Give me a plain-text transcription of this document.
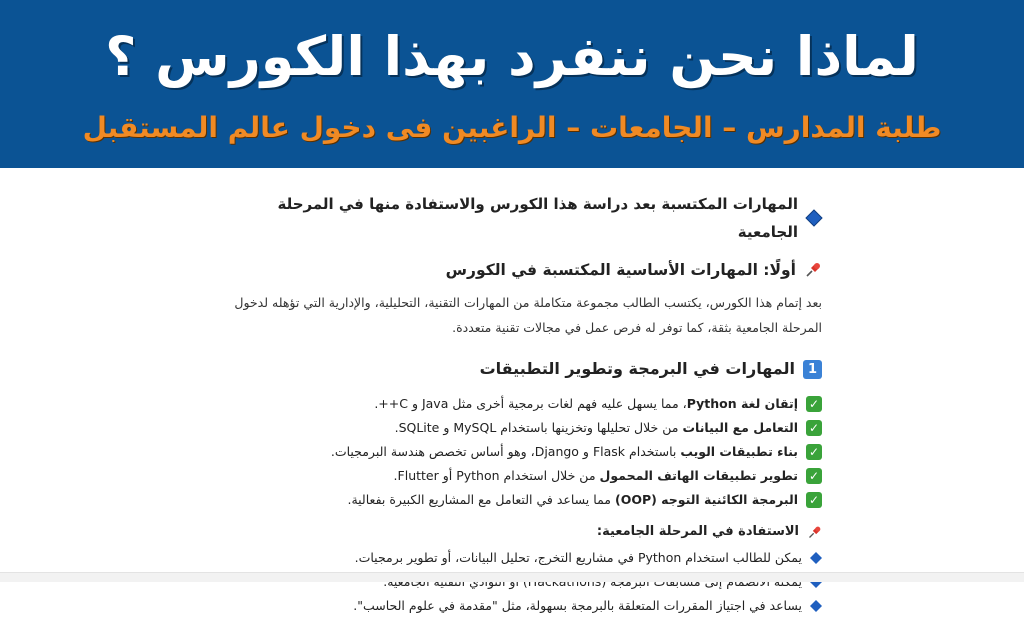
لماذا نحن ننفرد بهذا الكورس ؟
طلبة المدارس – الجامعات – الراغبين فى دخول عالم المستقبل
المهارات المكتسبة بعد دراسة هذا الكورس والاستفادة منها في المرحلة الجامعية
أولًا: المهارات الأساسية المكتسبة في الكورس
بعد إتمام هذا الكورس، يكتسب الطالب مجموعة متكاملة من المهارات التقنية، التحليلية، والإدارية التي تؤهله لدخول
المرحلة الجامعية بثقة، كما توفر له فرص عمل في مجالات تقنية متعددة.
1
المهارات في البرمجة وتطوير التطبيقات
✓
إتقان لغة Python، مما يسهل عليه فهم لغات برمجية أخرى مثل Java و C++.
✓
التعامل مع البيانات من خلال تحليلها وتخزينها باستخدام MySQL و SQLite.
✓
بناء تطبيقات الويب باستخدام Flask و Django، وهو أساس تخصص هندسة البرمجيات.
✓
تطوير تطبيقات الهاتف المحمول من خلال استخدام Python أو Flutter.
✓
البرمجة الكائنية التوجه (OOP) مما يساعد في التعامل مع المشاريع الكبيرة بفعالية.
الاستفادة في المرحلة الجامعية:
يمكن للطالب استخدام Python في مشاريع التخرج، تحليل البيانات، أو تطوير برمجيات.
يساعد في اجتياز المقررات المتعلقة بالبرمجة بسهولة، مثل "مقدمة في علوم الحاسب".
